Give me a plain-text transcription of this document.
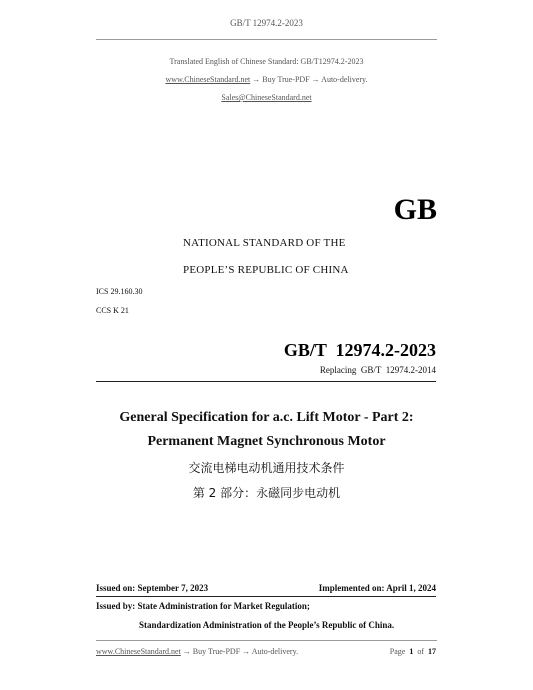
GB/T 12974.2-2023
Translated English of Chinese Standard: GB/T12974.2-2023
www.ChineseStandard.net → Buy True-PDF → Auto-delivery.
Sales@ChineseStandard.net
GB
NATIONAL STANDARD OF THE
PEOPLE’S REPUBLIC OF CHINA
ICS 29.160.30
CCS K 21
GB/T  12974.2-2023
Replacing  GB/T  12974.2-2014
General Specification for a.c. Lift Motor - Part 2:
Permanent Magnet Synchronous Motor
交流电梯电动机通用技术条件
第 2 部分：永磁同步电动机
Issued on: September 7, 2023	Implemented on: April 1, 2024
Issued by: State Administration for Market Regulation;
Standardization Administration of the People’s Republic of China.
www.ChineseStandard.net → Buy True-PDF → Auto-delivery.	Page 1 of 17
